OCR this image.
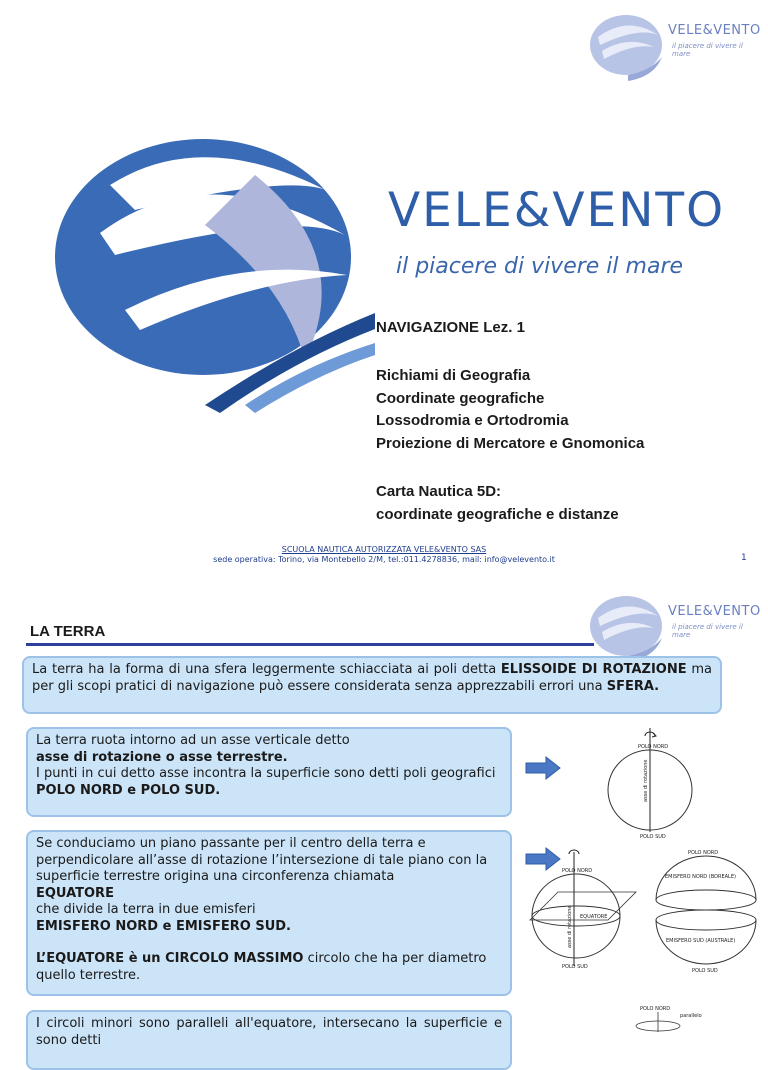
VELE&VENTO
il piacere di vivere il mare
VELE&VENTO
il piacere di vivere il mare
NAVIGAZIONE Lez. 1
Richiami di Geografia
Coordinate geografiche
Lossodromia e Ortodromia
Proiezione di Mercatore e Gnomonica
Carta Nautica 5D:
coordinate geografiche e distanze
SCUOLA NAUTICA AUTORIZZATA VELE&VENTO SAS
sede operativa: Torino, via Montebello 2/M, tel.:011.4278836, mail: info@velevento.it	1
VELE&VENTO
il piacere di vivere il mare
LA TERRA
La terra ha la forma di una sfera leggermente schiacciata ai poli detta ELISSOIDE DI ROTAZIONE ma per gli scopi pratici di navigazione può essere considerata senza apprezzabili errori una SFERA.
La terra ruota intorno ad un asse verticale detto
asse di rotazione o asse terrestre.
I punti in cui detto asse incontra la superficie sono detti poli geografici
POLO NORD e POLO SUD.
POLO NORD
asse di rotazione
POLO SUD
Se conduciamo un piano passante per il centro della terra e perpendicolare all’asse di rotazione l’intersezione di tale piano con la superficie terrestre origina una circonferenza chiamata
EQUATORE
che divide la terra in due emisferi
EMISFERO NORD e EMISFERO SUD.
L’EQUATORE è un CIRCOLO MASSIMO circolo che ha per diametro quello terrestre.
POLO NORD
EQUATORE
asse di rotazione
POLO SUD
POLO NORD
EMISFERO NORD (BOREALE)
EMISFERO SUD (AUSTRALE)
POLO SUD
I circoli minori sono paralleli all'equatore, intersecano la superficie e sono detti
POLO NORD
parallelo
